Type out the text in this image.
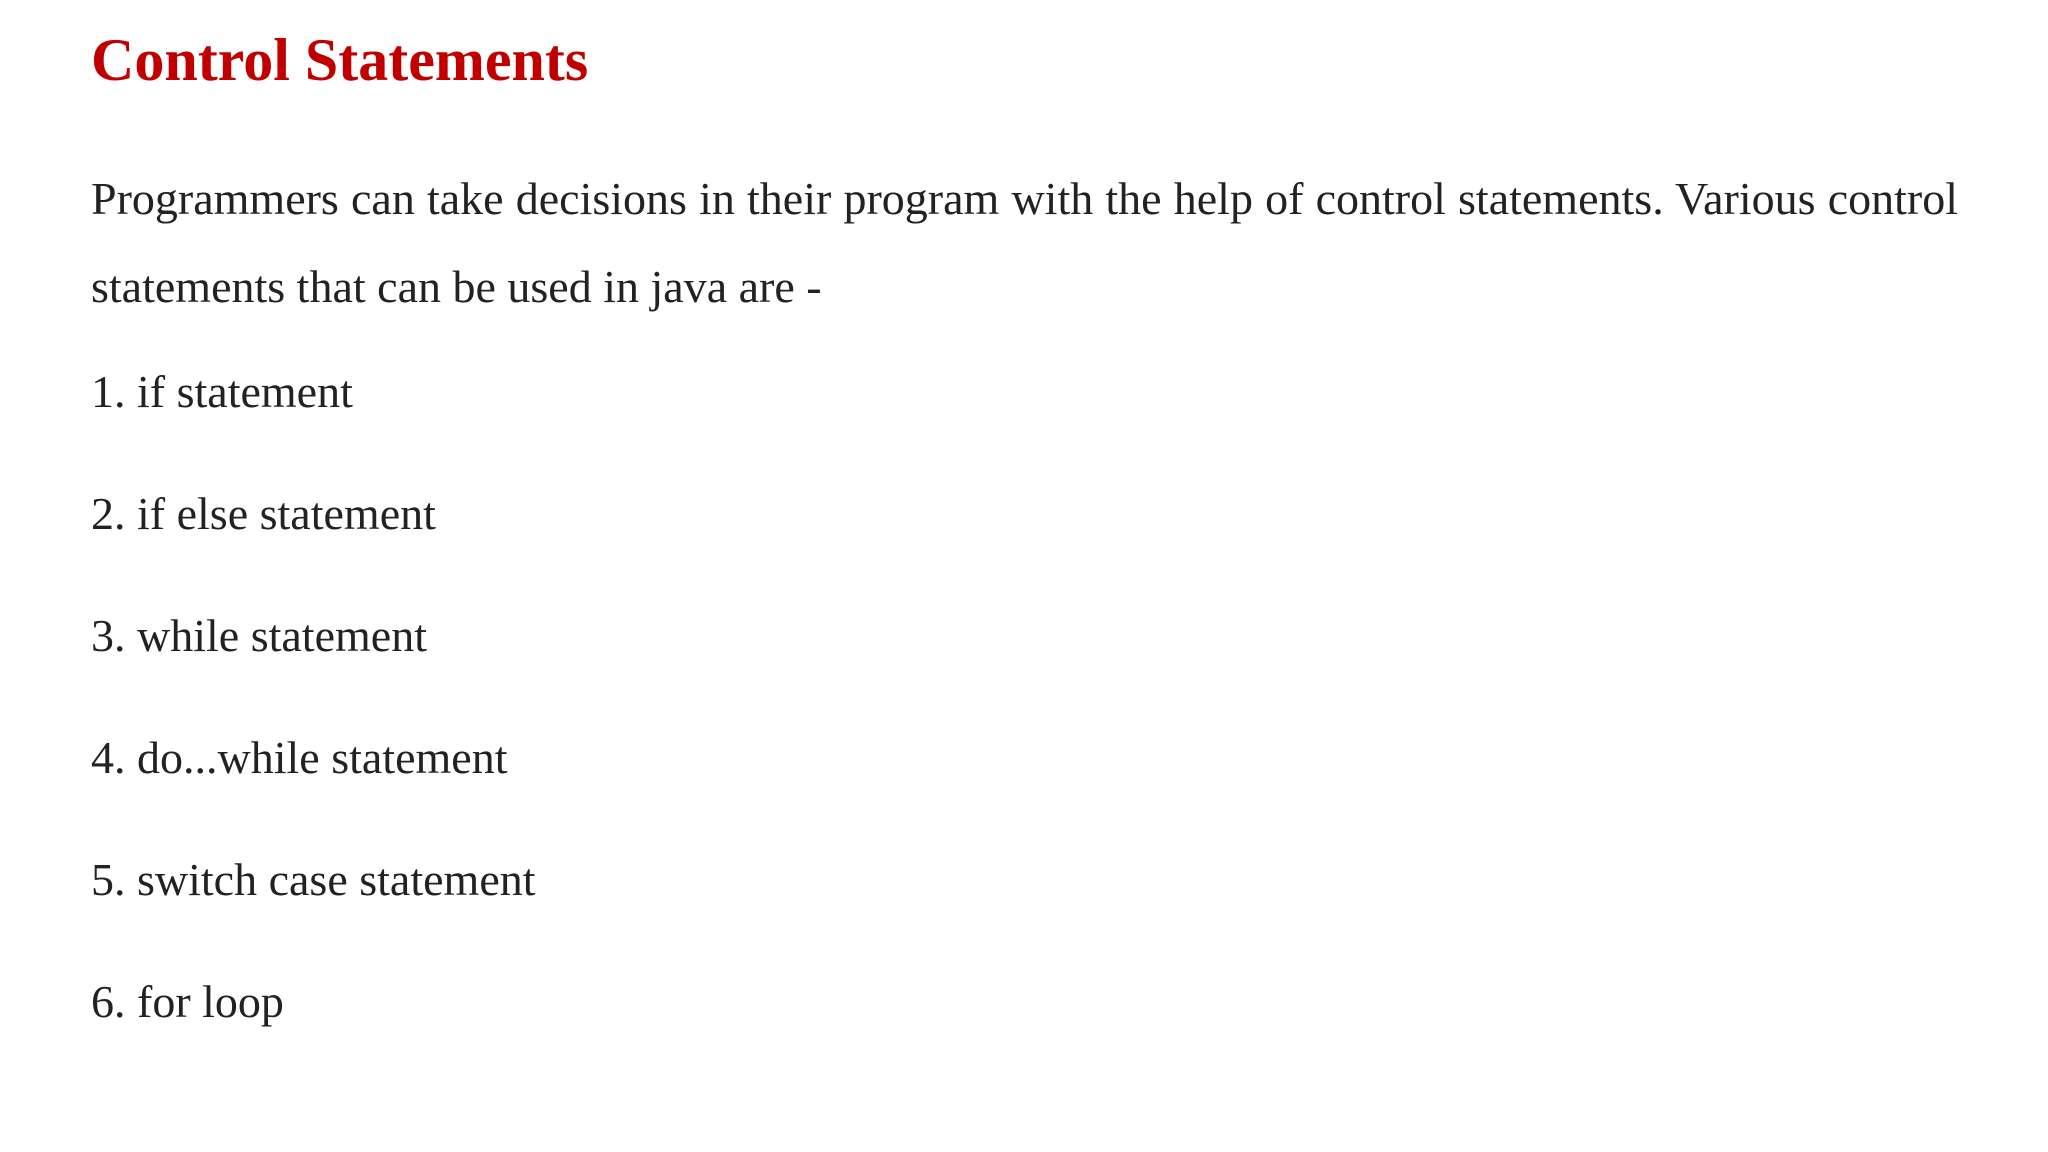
Control Statements

Programmers can take decisions in their program with the help of control statements. Various control statements that can be used in java are -

1. if statement
2. if else statement
3. while statement
4. do...while statement
5. switch case statement
6. for loop
